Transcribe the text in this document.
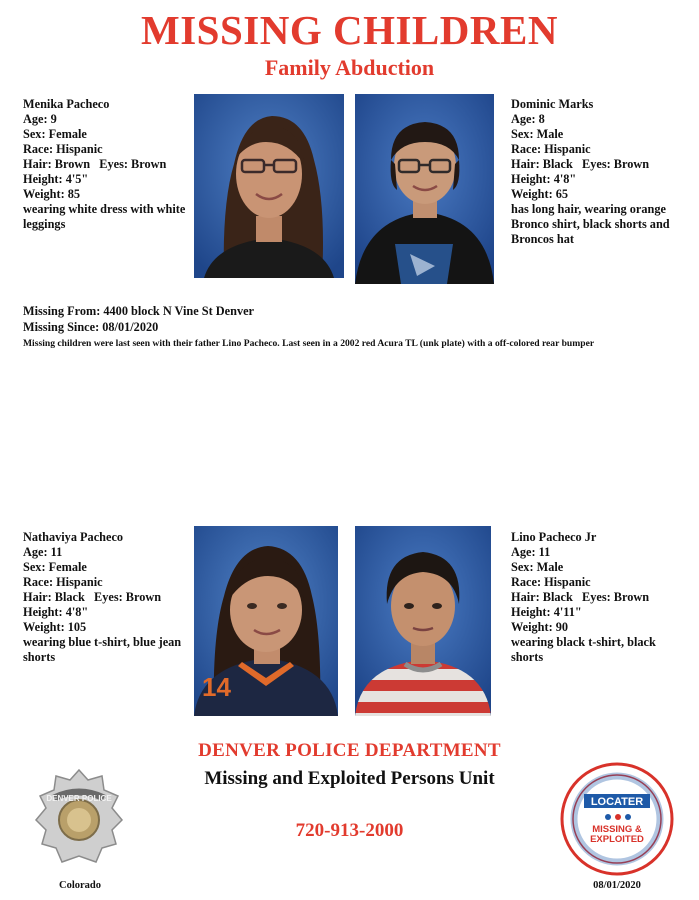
MISSING CHILDREN
Family Abduction
Menika Pacheco
Age: 9
Sex: Female
Race: Hispanic
Hair: Brown   Eyes: Brown
Height: 4'5"
Weight: 85
wearing white dress with white leggings
Dominic Marks
Age: 8
Sex: Male
Race: Hispanic
Hair: Black   Eyes: Brown
Height: 4'8"
Weight: 65
has long hair, wearing orange Bronco shirt, black shorts and Broncos hat
Missing From: 4400 block N Vine St Denver
Missing Since: 08/01/2020
Missing children were last seen with their father Lino Pacheco. Last seen in a 2002 red Acura TL (unk plate) with a off-colored rear bumper
Nathaviya Pacheco
Age: 11
Sex: Female
Race: Hispanic
Hair: Black   Eyes: Brown
Height: 4'8"
Weight: 105
wearing blue t-shirt, blue jean shorts
Lino Pacheco Jr
Age: 11
Sex: Male
Race: Hispanic
Hair: Black   Eyes: Brown
Height: 4'11"
Weight: 90
wearing black t-shirt, black shorts
14
DENVER POLICE DEPARTMENT
Missing and Exploited Persons Unit
720-913-2000
DENVER POLICE
Colorado
LOCATER
MISSING &
EXPLOITED
08/01/2020
